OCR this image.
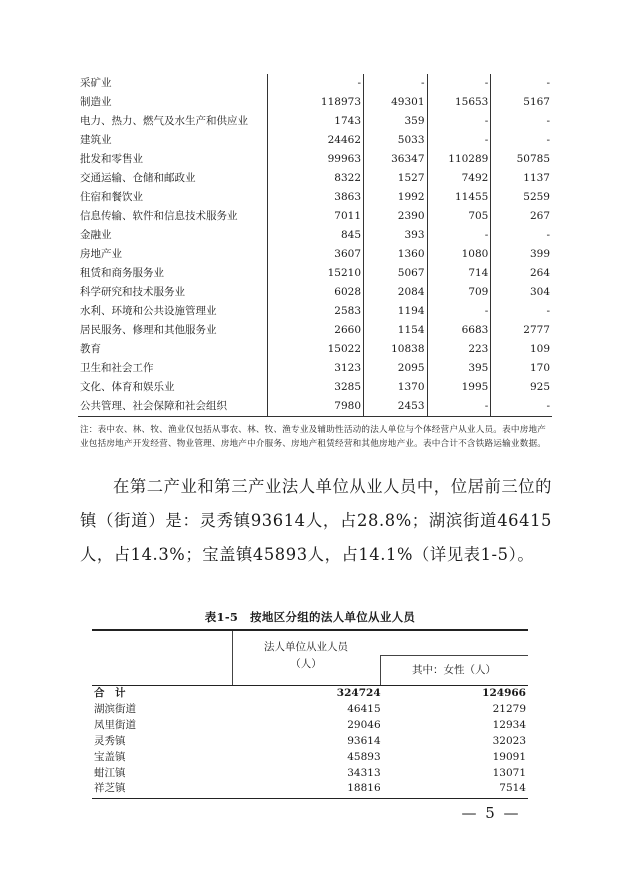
采矿业	-	-	-	-
制造业	118973	49301	15653	5167
电力、热力、燃气及水生产和供应业	1743	359	-	-
建筑业	24462	5033	-	-
批发和零售业	99963	36347	110289	50785
交通运输、仓储和邮政业	8322	1527	7492	1137
住宿和餐饮业	3863	1992	11455	5259
信息传输、软件和信息技术服务业	7011	2390	705	267
金融业	845	393	-	-
房地产业	3607	1360	1080	399
租赁和商务服务业	15210	5067	714	264
科学研究和技术服务业	6028	2084	709	304
水利、环境和公共设施管理业	2583	1194	-	-
居民服务、修理和其他服务业	2660	1154	6683	2777
教育	15022	10838	223	109
卫生和社会工作	3123	2095	395	170
文化、体育和娱乐业	3285	1370	1995	925
公共管理、社会保障和社会组织	7980	2453	-	-
注：表中农、林、牧、渔业仅包括从事农、林、牧、渔专业及辅助性活动的法人单位与个体经营户从业人员。表中房地产业包括房地产开发经营、物业管理、房地产中介服务、房地产租赁经营和其他房地产业。表中合计不含铁路运输业数据。
在第二产业和第三产业法人单位从业人员中，位居前三位的镇（街道）是：灵秀镇93614人，占28.8%；湖滨街道46415人，占14.3%；宝盖镇45893人，占14.1%（详见表1-5）。
表1-5　按地区分组的法人单位从业人员
法人单位从业人员
（人）	其中：女性（人）
合　计	324724	124966
湖滨街道	46415	21279
凤里街道	29046	12934
灵秀镇	93614	32023
宝盖镇	45893	19091
蚶江镇	34313	13071
祥芝镇	18816	7514
— 5 —
